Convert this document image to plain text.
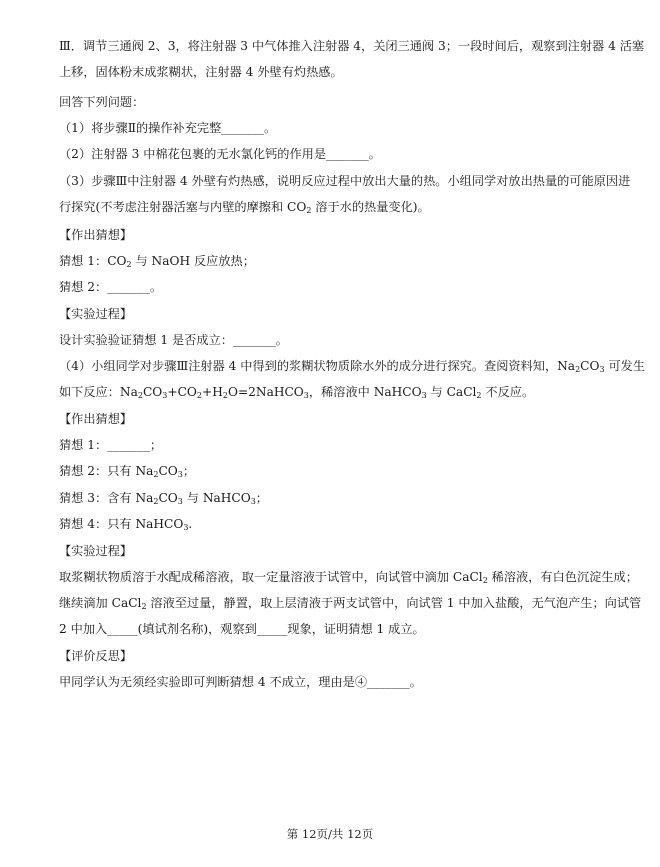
Ⅲ．调节三通阀 2、3，将注射器 3 中气体推入注射器 4，关闭三通阀 3；一段时间后，观察到注射器 4 活塞
上移，固体粉末成浆糊状，注射器 4 外壁有灼热感。
回答下列问题：
（1）将步骤Ⅱ的操作补充完整_______。
（2）注射器 3 中棉花包裹的无水氯化钙的作用是_______。
（3）步骤Ⅲ中注射器 4 外壁有灼热感，说明反应过程中放出大量的热。小组同学对放出热量的可能原因进
行探究(不考虑注射器活塞与内壁的摩擦和 $CO_2$ 溶于水的热量变化)。
【作出猜想】
猜想 1：$CO_2$ 与 NaOH 反应放热；
猜想 2：_______。
【实验过程】
设计实验验证猜想 1 是否成立：_______。
（4）小组同学对步骤Ⅲ注射器 4 中得到的浆糊状物质除水外的成分进行探究。查阅资料知，$Na_2CO_3$ 可发生
如下反应：$Na_2CO_3+CO_2+H_2O=2NaHCO_3$，稀溶液中 NaHCO$_3$ 与 CaCl$_2$ 不反应。
【作出猜想】
猜想 1：_______；
猜想 2：只有 $Na_2CO_3$；
猜想 3：含有 $Na_2CO_3$ 与 NaHCO$_3$；
猜想 4：只有 NaHCO$_3$.
【实验过程】
取浆糊状物质溶于水配成稀溶液，取一定量溶液于试管中，向试管中滴加 CaCl$_2$ 稀溶液，有白色沉淀生成；
继续滴加 CaCl$_2$ 溶液至过量，静置，取上层清液于两支试管中，向试管 1 中加入盐酸，无气泡产生；向试管
2 中加入_____(填试剂名称)，观察到_____现象，证明猜想 1 成立。
【评价反思】
甲同学认为无须经实验即可判断猜想 4 不成立，理由是④_______。
第 12页/共 12页
